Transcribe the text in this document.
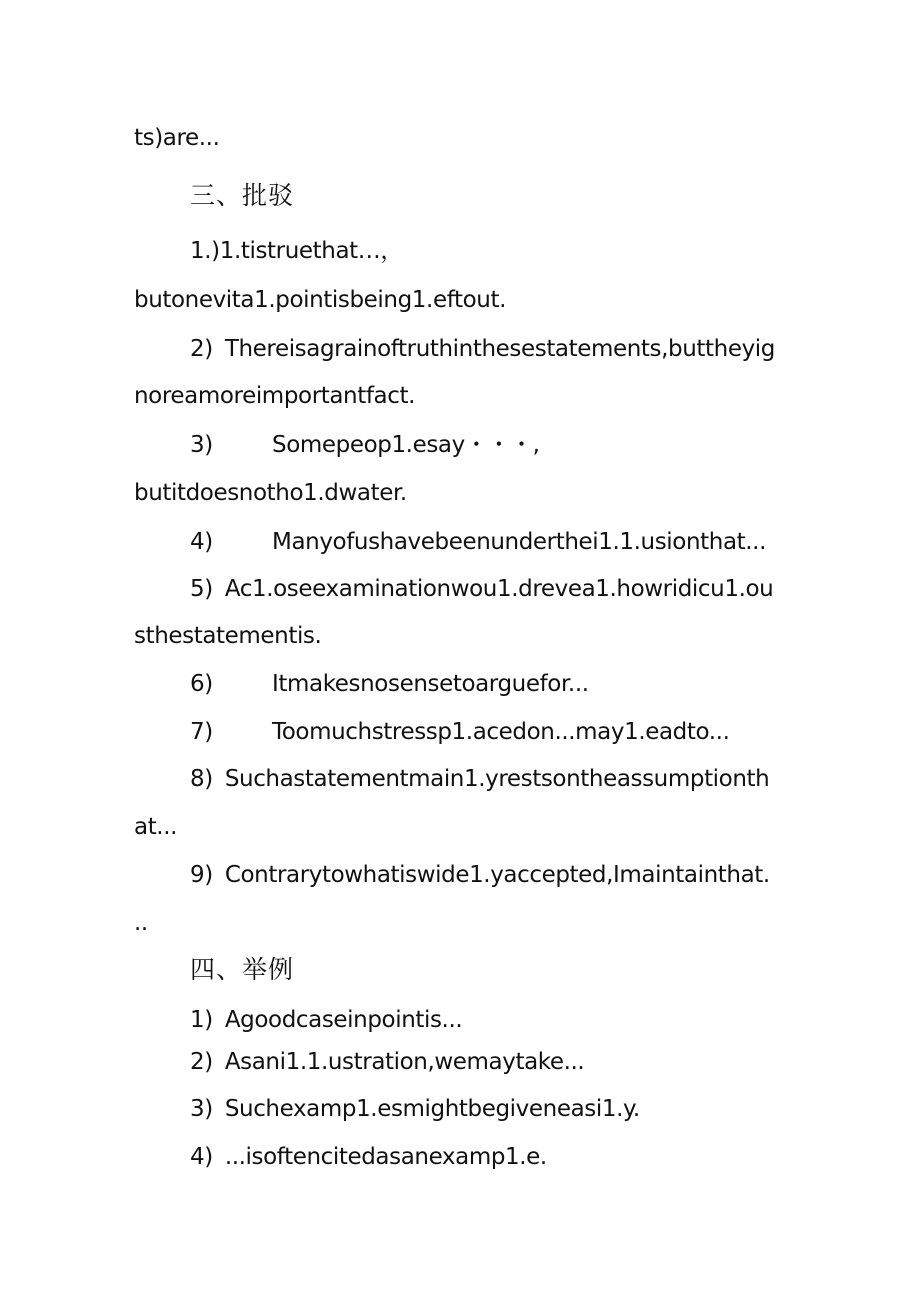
ts)are...
三、批驳
1.)1.tistruethat…，
butonevita1.pointisbeing1.eftout.
2) Thereisagrainoftruthinthesestatements,buttheyig
noreamoreimportantfact.
3)	Somepeop1.esay・・・,
butitdoesnotho1.dwater.
4)	Manyofushavebeenunderthei1.1.usionthat...
5) Ac1.oseexaminationwou1.drevea1.howridicu1.ou
sthestatementis.
6)	Itmakesnosensetoarguefor...
7)	Toomuchstressp1.acedon...may1.eadto...
8) Suchastatementmain1.yrestsontheassumptionth
at...
9) Contrarytowhatiswide1.yaccepted,Imaintainthat.
..
四、举例
1) Agoodcaseinpointis...
2) Asani1.1.ustration,wemaytake...
3) Suchexamp1.esmightbegiveneasi1.y.
4) ...isoftencitedasanexamp1.e.
